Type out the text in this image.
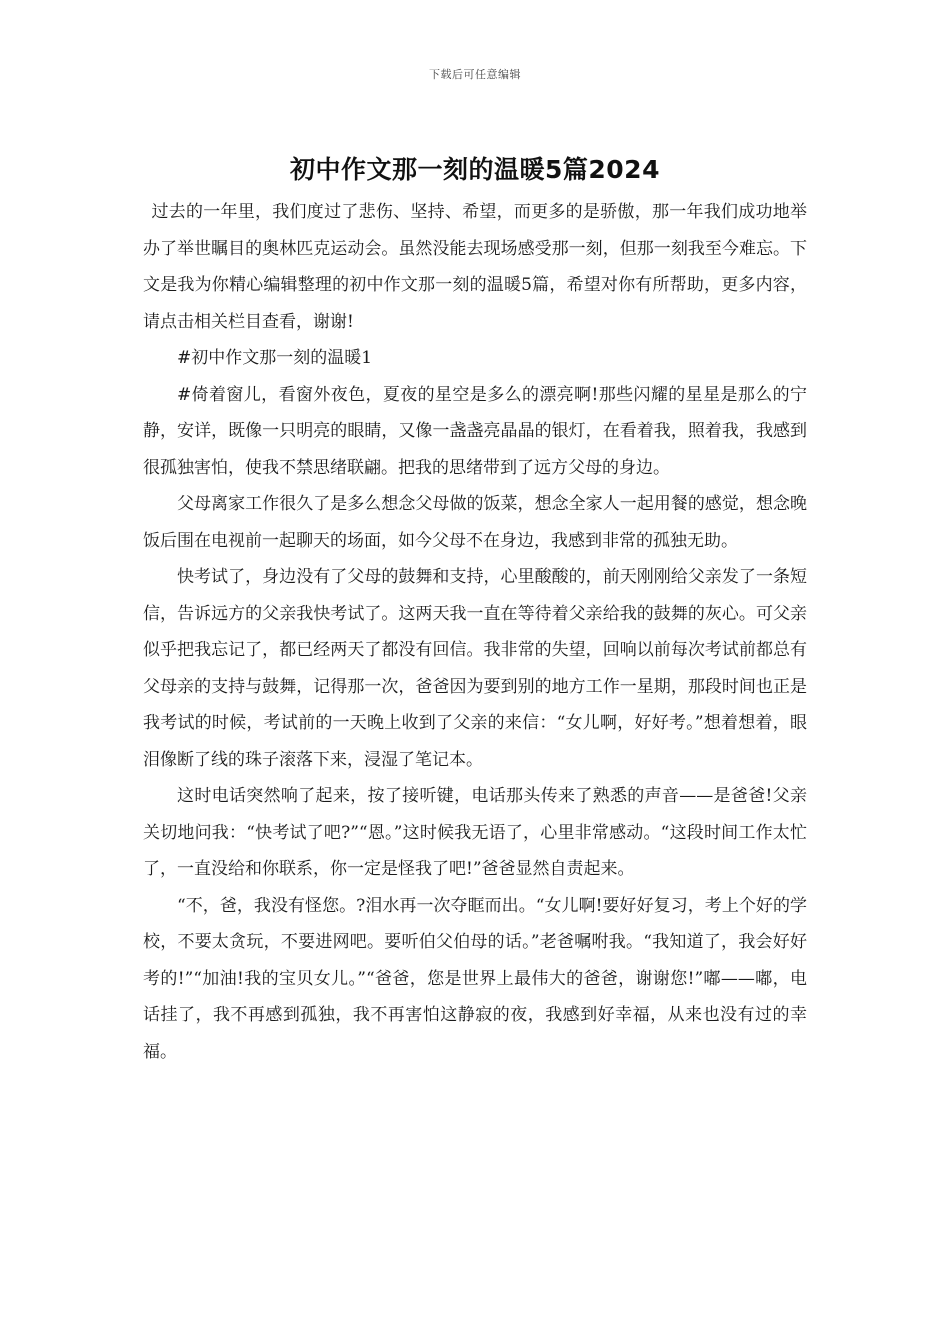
下载后可任意编辑
初中作文那一刻的温暖5篇2024

过去的一年里，我们度过了悲伤、坚持、希望，而更多的是骄傲，那一年我们成功地举办了举世瞩目的奥林匹克运动会。虽然没能去现场感受那一刻，但那一刻我至今难忘。下文是我为你精心编辑整理的初中作文那一刻的温暖5篇，希望对你有所帮助，更多内容，请点击相关栏目查看，谢谢!

#初中作文那一刻的温暖1

#倚着窗儿，看窗外夜色，夏夜的星空是多么的漂亮啊!那些闪耀的星星是那么的宁静，安详，既像一只明亮的眼睛，又像一盏盏亮晶晶的银灯，在看着我，照着我，我感到很孤独害怕，使我不禁思绪联翩。把我的思绪带到了远方父母的身边。

父母离家工作很久了是多么想念父母做的饭菜，想念全家人一起用餐的感觉，想念晚饭后围在电视前一起聊天的场面，如今父母不在身边，我感到非常的孤独无助。

快考试了，身边没有了父母的鼓舞和支持，心里酸酸的，前天刚刚给父亲发了一条短信，告诉远方的父亲我快考试了。这两天我一直在等待着父亲给我的鼓舞的灰心。可父亲似乎把我忘记了，都已经两天了都没有回信。我非常的失望，回响以前每次考试前都总有父母亲的支持与鼓舞，记得那一次，爸爸因为要到别的地方工作一星期，那段时间也正是我考试的时候，考试前的一天晚上收到了父亲的来信：“女儿啊，好好考。”想着想着，眼泪像断了线的珠子滚落下来，浸湿了笔记本。

这时电话突然响了起来，按了接听键，电话那头传来了熟悉的声音——是爸爸!父亲关切地问我：“快考试了吧?”“恩。”这时候我无语了，心里非常感动。“这段时间工作太忙了，一直没给和你联系，你一定是怪我了吧!”爸爸显然自责起来。

“不，爸，我没有怪您。?泪水再一次夺眶而出。“女儿啊!要好好复习，考上个好的学校，不要太贪玩，不要进网吧。要听伯父伯母的话。”老爸嘱咐我。“我知道了，我会好好考的!”“加油!我的宝贝女儿。”“爸爸，您是世界上最伟大的爸爸，谢谢您!”嘟——嘟，电话挂了，我不再感到孤独，我不再害怕这静寂的夜，我感到好幸福，从来也没有过的幸福。
